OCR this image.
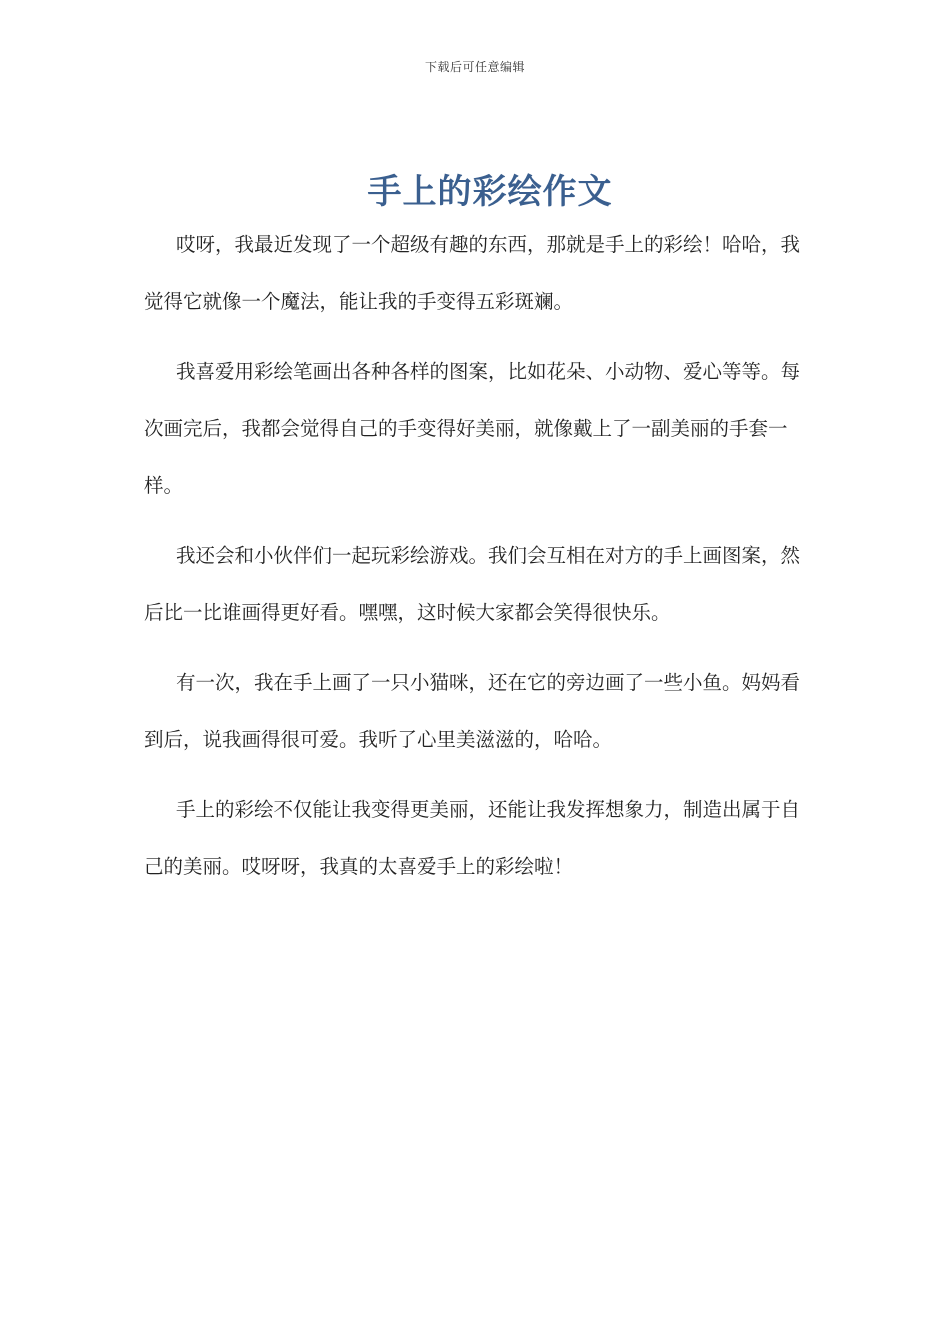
下载后可任意编辑
手上的彩绘作文

哎呀，我最近发现了一个超级有趣的东西，那就是手上的彩绘！哈哈，我觉得它就像一个魔法，能让我的手变得五彩斑斓。

我喜爱用彩绘笔画出各种各样的图案，比如花朵、小动物、爱心等等。每次画完后，我都会觉得自己的手变得好美丽，就像戴上了一副美丽的手套一样。

我还会和小伙伴们一起玩彩绘游戏。我们会互相在对方的手上画图案，然后比一比谁画得更好看。嘿嘿，这时候大家都会笑得很快乐。

有一次，我在手上画了一只小猫咪，还在它的旁边画了一些小鱼。妈妈看到后，说我画得很可爱。我听了心里美滋滋的，哈哈。

手上的彩绘不仅能让我变得更美丽，还能让我发挥想象力，制造出属于自己的美丽。哎呀呀，我真的太喜爱手上的彩绘啦！
